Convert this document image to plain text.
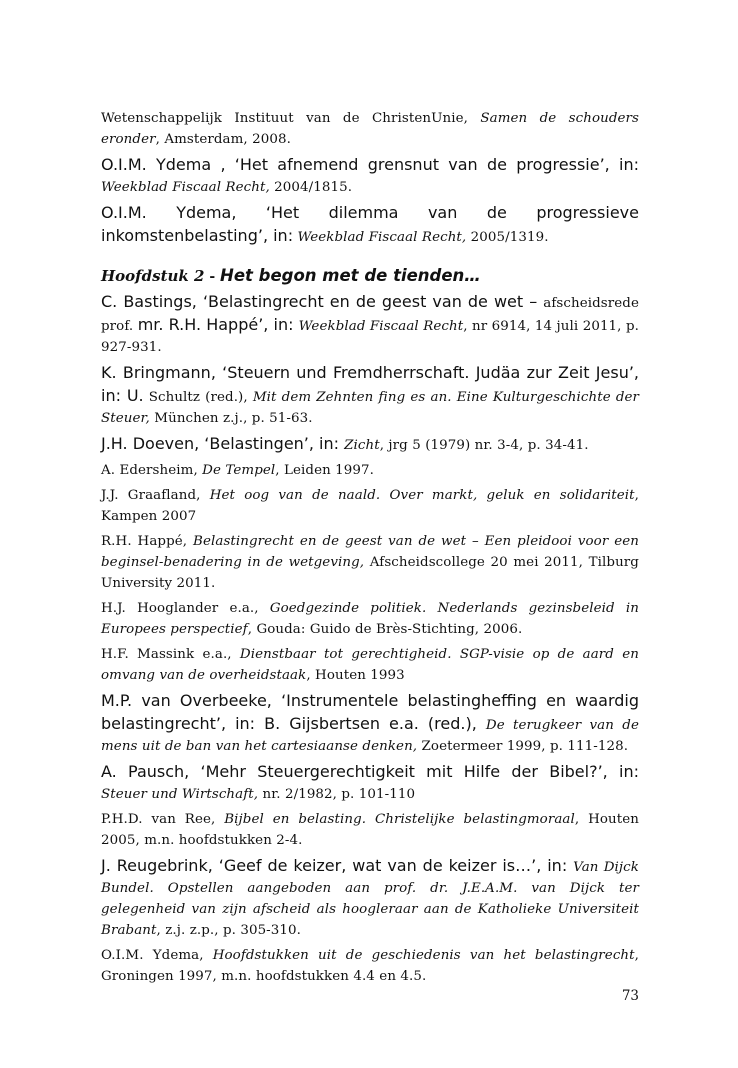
Wetenschappelijk Instituut van de ChristenUnie, Samen de schouders eronder, Amsterdam, 2008.

O.I.M. Ydema , ‘Het afnemend grensnut van de progressie’, in: Weekblad Fiscaal Recht, 2004/1815.

O.I.M. Ydema, ‘Het dilemma van de progressieve inkomstenbelasting’, in: Weekblad Fiscaal Recht, 2005/1319.

Hoofdstuk 2 - Het begon met de tienden…

C. Bastings, ‘Belastingrecht en de geest van de wet – afscheidsrede prof. mr. R.H. Happé’, in: Weekblad Fiscaal Recht, nr 6914, 14 juli 2011, p. 927-931.

K. Bringmann, ‘Steuern und Fremdherrschaft. Judäa zur Zeit Jesu’, in: U. Schultz (red.), Mit dem Zehnten fing es an. Eine Kulturgeschichte der Steuer, München z.j., p. 51-63.

J.H. Doeven, ‘Belastingen’, in: Zicht, jrg 5 (1979) nr. 3-4, p. 34-41.

A. Edersheim, De Tempel, Leiden 1997.

J.J. Graafland, Het oog van de naald. Over markt, geluk en solidariteit, Kampen 2007

R.H. Happé, Belastingrecht en de geest van de wet – Een pleidooi voor een beginsel-benadering in de wetgeving, Afscheidscollege 20 mei 2011, Tilburg University 2011.

H.J. Hooglander e.a., Goedgezinde politiek. Nederlands gezinsbeleid in Europees perspectief, Gouda: Guido de Brès-Stichting, 2006.

H.F. Massink e.a., Dienstbaar tot gerechtigheid. SGP-visie op de aard en omvang van de overheidstaak, Houten 1993

M.P. van Overbeeke, ‘Instrumentele belastingheffing en waardig belastingrecht’, in: B. Gijsbertsen e.a. (red.), De terugkeer van de mens uit de ban van het cartesiaanse denken, Zoetermeer 1999, p. 111-128.

A. Pausch, ‘Mehr Steuergerechtigkeit mit Hilfe der Bibel?’, in: Steuer und Wirtschaft, nr. 2/1982, p. 101-110

P.H.D. van Ree, Bijbel en belasting. Christelijke belastingmoraal, Houten 2005, m.n. hoofdstukken 2-4.

J. Reugebrink, ‘Geef de keizer, wat van de keizer is…’, in: Van Dijck Bundel. Opstellen aangeboden aan prof. dr. J.E.A.M. van Dijck ter gelegenheid van zijn afscheid als hoogleraar aan de Katholieke Universiteit Brabant, z.j. z.p., p. 305-310.

O.I.M. Ydema, Hoofdstukken uit de geschiedenis van het belastingrecht, Groningen 1997, m.n. hoofdstukken 4.4 en 4.5.

73
